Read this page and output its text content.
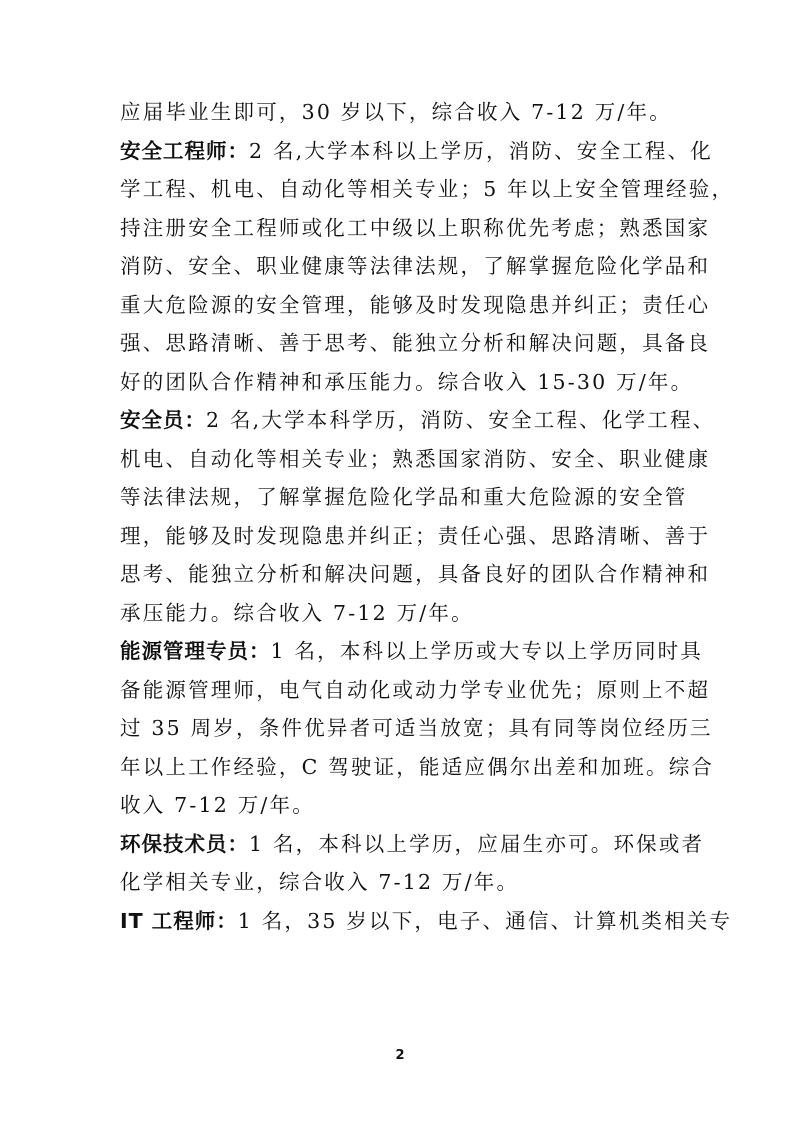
应届毕业生即可，30 岁以下，综合收入 7-12 万/年。
安全工程师：2 名,大学本科以上学历，消防、安全工程、化
学工程、机电、自动化等相关专业；5 年以上安全管理经验，
持注册安全工程师或化工中级以上职称优先考虑；熟悉国家
消防、安全、职业健康等法律法规，了解掌握危险化学品和
重大危险源的安全管理，能够及时发现隐患并纠正；责任心
强、思路清晰、善于思考、能独立分析和解决问题，具备良
好的团队合作精神和承压能力。综合收入 15-30 万/年。
安全员：2 名,大学本科学历，消防、安全工程、化学工程、
机电、自动化等相关专业；熟悉国家消防、安全、职业健康
等法律法规，了解掌握危险化学品和重大危险源的安全管
理，能够及时发现隐患并纠正；责任心强、思路清晰、善于
思考、能独立分析和解决问题，具备良好的团队合作精神和
承压能力。综合收入 7-12 万/年。
能源管理专员：1 名，本科以上学历或大专以上学历同时具
备能源管理师，电气自动化或动力学专业优先；原则上不超
过 35 周岁，条件优异者可适当放宽；具有同等岗位经历三
年以上工作经验，C 驾驶证，能适应偶尔出差和加班。综合
收入 7-12 万/年。
环保技术员：1 名，本科以上学历，应届生亦可。环保或者
化学相关专业，综合收入 7-12 万/年。
IT 工程师：1 名，35 岁以下，电子、通信、计算机类相关专
2
